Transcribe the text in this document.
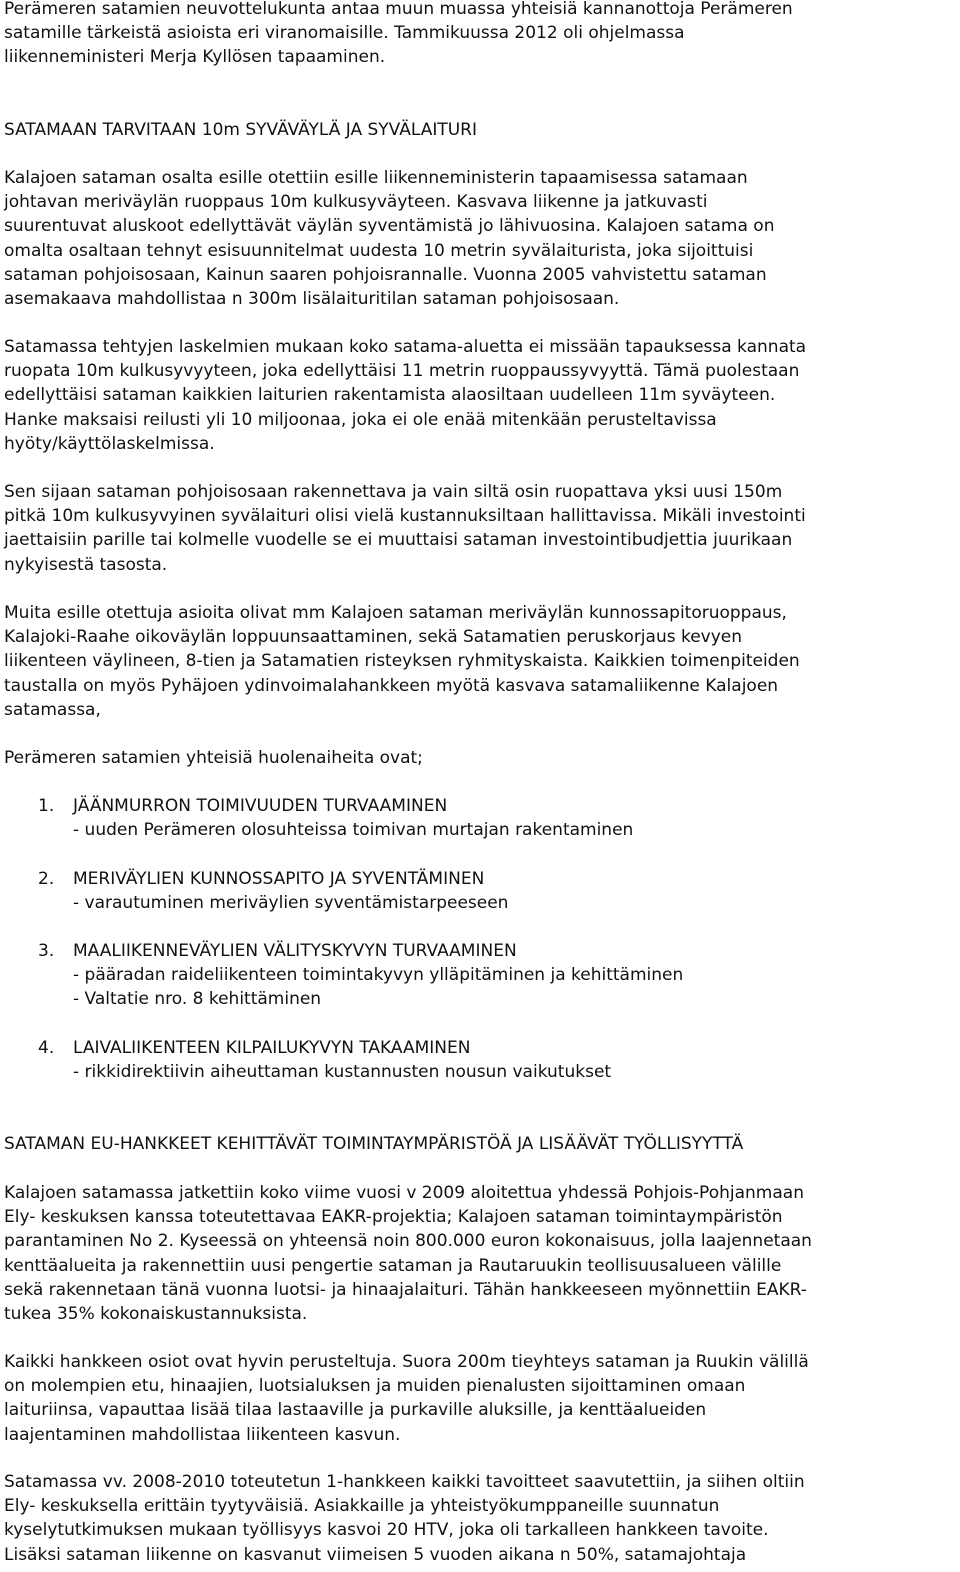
Perämeren satamien neuvottelukunta antaa muun muassa yhteisiä kannanottoja Perämeren
satamille tärkeistä asioista eri viranomaisille. Tammikuussa 2012 oli ohjelmassa
liikenneministeri Merja Kyllösen tapaaminen.

SATAMAAN TARVITAAN 10m SYVÄVÄYLÄ JA SYVÄLAITURI

Kalajoen sataman osalta esille otettiin esille liikenneministerin tapaamisessa satamaan
johtavan meriväylän ruoppaus 10m kulkusyväyteen. Kasvava liikenne ja jatkuvasti
suurentuvat aluskoot edellyttävät väylän syventämistä jo lähivuosina. Kalajoen satama on
omalta osaltaan tehnyt esisuunnitelmat uudesta 10 metrin syvälaiturista, joka sijoittuisi
sataman pohjoisosaan, Kainun saaren pohjoisrannalle. Vuonna 2005 vahvistettu sataman
asemakaava mahdollistaa n 300m lisälaituritilan sataman pohjoisosaan.

Satamassa tehtyjen laskelmien mukaan koko satama-aluetta ei missään tapauksessa kannata
ruopata 10m kulkusyvyyteen, joka edellyttäisi 11 metrin ruoppaussyvyyttä. Tämä puolestaan
edellyttäisi sataman kaikkien laiturien rakentamista alaosiltaan uudelleen 11m syväyteen.
Hanke maksaisi reilusti yli 10 miljoonaa, joka ei ole enää mitenkään perusteltavissa
hyöty/käyttölaskelmissa.

Sen sijaan sataman pohjoisosaan rakennettava ja vain siltä osin ruopattava yksi uusi 150m
pitkä 10m kulkusyvyinen syvälaituri olisi vielä kustannuksiltaan hallittavissa. Mikäli investointi
jaettaisiin parille tai kolmelle vuodelle se ei muuttaisi sataman investointibudjettia juurikaan
nykyisestä tasosta.

Muita esille otettuja asioita olivat mm Kalajoen sataman meriväylän kunnossapitoruoppaus,
Kalajoki-Raahe oikoväylän loppuunsaattaminen, sekä Satamatien peruskorjaus kevyen
liikenteen väylineen, 8-tien ja Satamatien risteyksen ryhmityskaista. Kaikkien toimenpiteiden
taustalla on myös Pyhäjoen ydinvoimalahankkeen myötä kasvava satamaliikenne Kalajoen
satamassa,

Perämeren satamien yhteisiä huolenaiheita ovat;

1. JÄÄNMURRON TOIMIVUUDEN TURVAAMINEN
- uuden Perämeren olosuhteissa toimivan murtajan rakentaminen
2. MERIVÄYLIEN KUNNOSSAPITO JA SYVENTÄMINEN
- varautuminen meriväylien syventämistarpeeseen
3. MAALIIKENNEVÄYLIEN VÄLITYSKYVYN TURVAAMINEN
- pääradan raideliikenteen toimintakyvyn ylläpitäminen ja kehittäminen
- Valtatie nro. 8 kehittäminen
4. LAIVALIIKENTEEN KILPAILUKYVYN TAKAAMINEN
- rikkidirektiivin aiheuttaman kustannusten nousun vaikutukset

SATAMAN EU-HANKKEET KEHITTÄVÄT TOIMINTAYMPÄRISTÖÄ JA LISÄÄVÄT TYÖLLISYYTTÄ

Kalajoen satamassa jatkettiin koko viime vuosi v 2009 aloitettua yhdessä Pohjois-Pohjanmaan
Ely- keskuksen kanssa toteutettavaa EAKR-projektia; Kalajoen sataman toimintaympäristön
parantaminen No 2. Kyseessä on yhteensä noin 800.000 euron kokonaisuus, jolla laajennetaan
kenttäalueita ja rakennettiin uusi pengertie sataman ja Rautaruukin teollisuusalueen välille
sekä rakennetaan tänä vuonna luotsi- ja hinaajalaituri. Tähän hankkeeseen myönnettiin EAKR-
tukea 35% kokonaiskustannuksista.

Kaikki hankkeen osiot ovat hyvin perusteltuja. Suora 200m tieyhteys sataman ja Ruukin välillä
on molempien etu, hinaajien, luotsialuksen ja muiden pienalusten sijoittaminen omaan
laituriinsa, vapauttaa lisää tilaa lastaaville ja purkaville aluksille, ja kenttäalueiden
laajentaminen mahdollistaa liikenteen kasvun.

Satamassa vv. 2008-2010 toteutetun 1-hankkeen kaikki tavoitteet saavutettiin, ja siihen oltiin
Ely- keskuksella erittäin tyytyväisiä. Asiakkaille ja yhteistyökumppaneille suunnatun
kyselytutkimuksen mukaan työllisyys kasvoi 20 HTV, joka oli tarkalleen hankkeen tavoite.
Lisäksi sataman liikenne on kasvanut viimeisen 5 vuoden aikana n 50%, satamajohtaja
